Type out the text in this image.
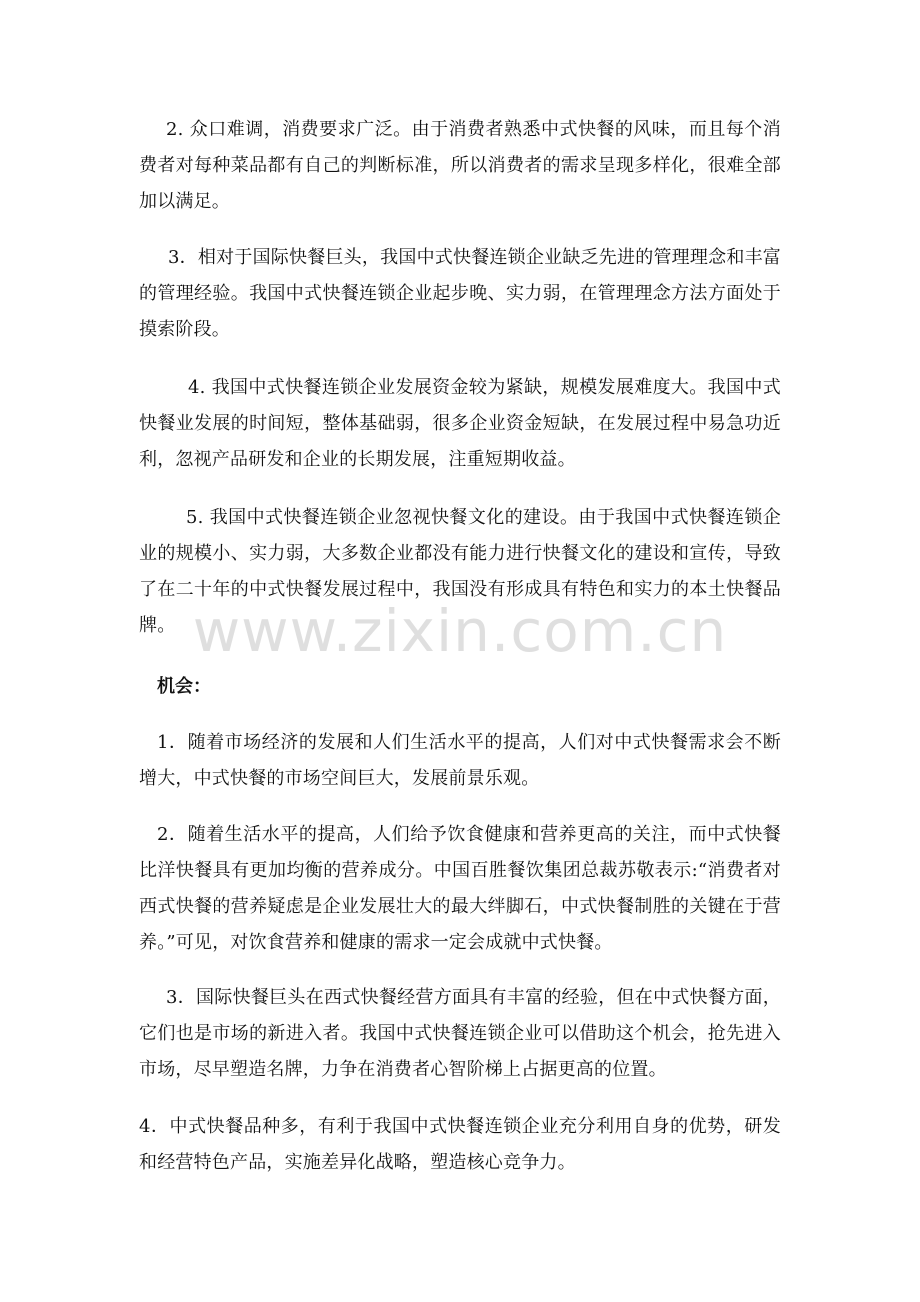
2. 众口难调，消费要求广泛。由于消费者熟悉中式快餐的风味，而且每个消费者对每种菜品都有自己的判断标准，所以消费者的需求呈现多样化，很难全部加以满足。

3．相对于国际快餐巨头，我国中式快餐连锁企业缺乏先进的管理理念和丰富的管理经验。我国中式快餐连锁企业起步晚、实力弱，在管理理念方法方面处于摸索阶段。

4. 我国中式快餐连锁企业发展资金较为紧缺，规模发展难度大。我国中式快餐业发展的时间短，整体基础弱，很多企业资金短缺，在发展过程中易急功近利，忽视产品研发和企业的长期发展，注重短期收益。

5. 我国中式快餐连锁企业忽视快餐文化的建设。由于我国中式快餐连锁企业的规模小、实力弱，大多数企业都没有能力进行快餐文化的建设和宣传，导致了在二十年的中式快餐发展过程中，我国没有形成具有特色和实力的本土快餐品牌。

机会：

1．随着市场经济的发展和人们生活水平的提高，人们对中式快餐需求会不断增大，中式快餐的市场空间巨大，发展前景乐观。

2．随着生活水平的提高，人们给予饮食健康和营养更高的关注，而中式快餐比洋快餐具有更加均衡的营养成分。中国百胜餐饮集团总裁苏敬表示:“消费者对西式快餐的营养疑虑是企业发展壮大的最大绊脚石，中式快餐制胜的关键在于营养。”可见，对饮食营养和健康的需求一定会成就中式快餐。

3．国际快餐巨头在西式快餐经营方面具有丰富的经验，但在中式快餐方面，它们也是市场的新进入者。我国中式快餐连锁企业可以借助这个机会，抢先进入市场，尽早塑造名牌，力争在消费者心智阶梯上占据更高的位置。

4．中式快餐品种多，有利于我国中式快餐连锁企业充分利用自身的优势，研发和经营特色产品，实施差异化战略，塑造核心竞争力。

www.zixin.com.cn
